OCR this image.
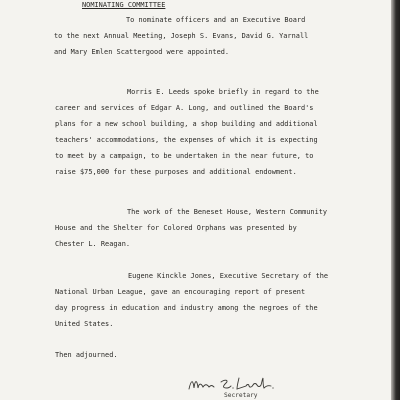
NOMINATING COMMITTEE
To nominate officers and an Executive Board
to the next Annual Meeting, Joseph S. Evans, David G. Yarnall
and Mary Emlen Scattergood were appointed.
Morris E. Leeds spoke briefly in regard to the
career and services of Edgar A. Long, and outlined the Board's
plans for a new school building, a shop building and additional
teachers' accommodations, the expenses of which it is expecting
to meet by a campaign, to be undertaken in the near future, to
raise $75,000 for these purposes and additional endowment.
The work of the Beneset House, Western Community
House and the Shelter for Colored Orphans was presented by
Chester L. Reagan.
Eugene Kinckle Jones, Executive Secretary of the
National Urban League, gave an encouraging report of present
day progress in education and industry among the negroes of the
United States.
Then adjourned.
Secretary
